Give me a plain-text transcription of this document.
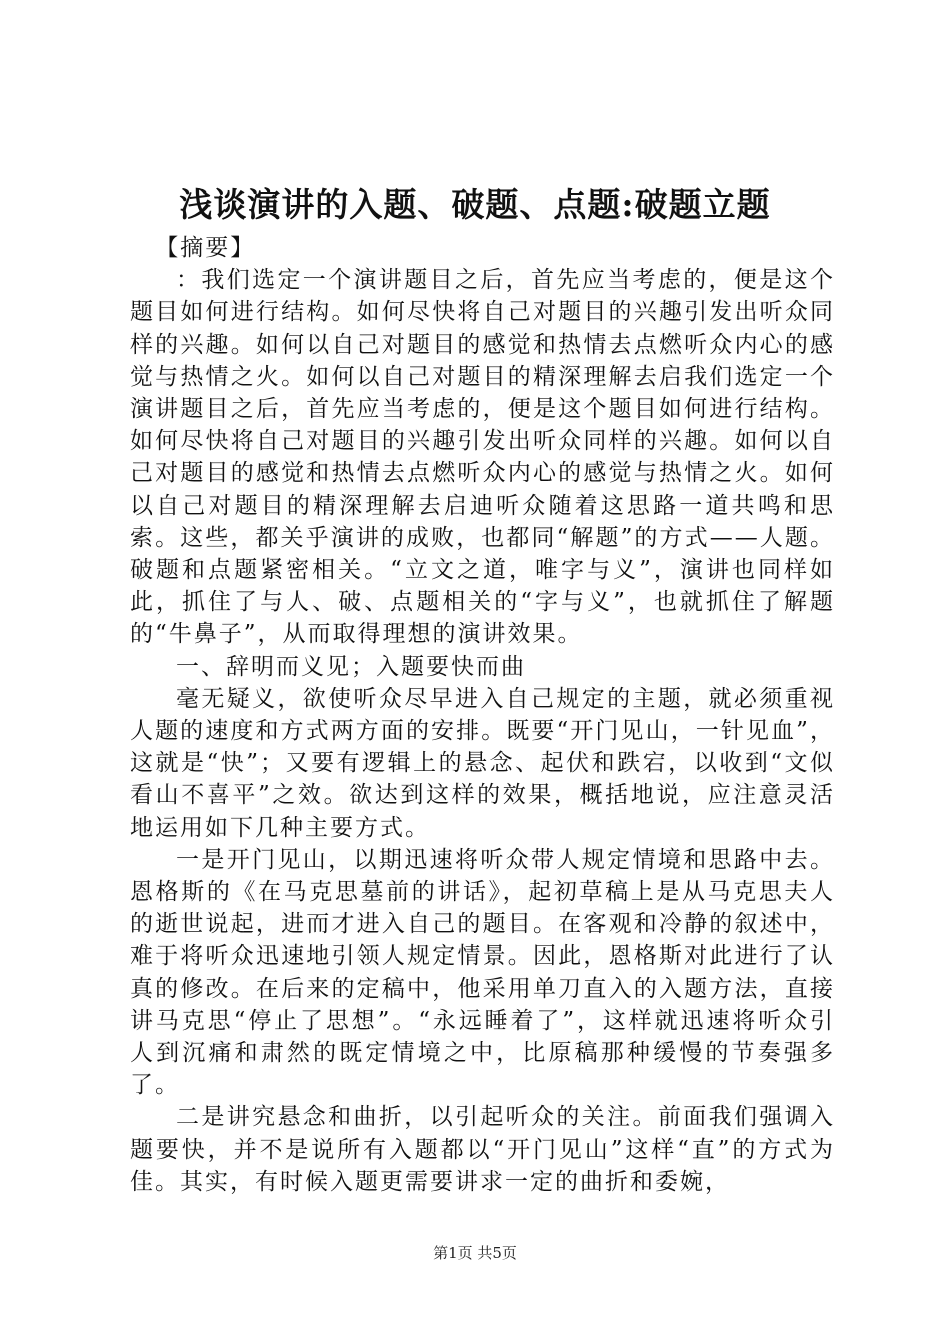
浅谈演讲的入题、破题、点题:破题立题

【摘要】

：我们选定一个演讲题目之后，首先应当考虑的，便是这个题目如何进行结构。如何尽快将自己对题目的兴趣引发出听众同样的兴趣。如何以自己对题目的感觉和热情去点燃听众内心的感觉与热情之火。如何以自己对题目的精深理解去启我们选定一个演讲题目之后，首先应当考虑的，便是这个题目如何进行结构。如何尽快将自己对题目的兴趣引发出听众同样的兴趣。如何以自己对题目的感觉和热情去点燃听众内心的感觉与热情之火。如何以自己对题目的精深理解去启迪听众随着这思路一道共鸣和思索。这些，都关乎演讲的成败，也都同“解题”的方式——人题。破题和点题紧密相关。“立文之道，唯字与义”，演讲也同样如此，抓住了与人、破、点题相关的“字与义”，也就抓住了解题的“牛鼻子”，从而取得理想的演讲效果。

一、辞明而义见；入题要快而曲

毫无疑义，欲使听众尽早进入自己规定的主题，就必须重视人题的速度和方式两方面的安排。既要“开门见山，一针见血”，这就是“快”；又要有逻辑上的悬念、起伏和跌宕，以收到“文似看山不喜平”之效。欲达到这样的效果，概括地说，应注意灵活地运用如下几种主要方式。

一是开门见山，以期迅速将听众带人规定情境和思路中去。恩格斯的《在马克思墓前的讲话》，起初草稿上是从马克思夫人的逝世说起，进而才进入自己的题目。在客观和冷静的叙述中，难于将听众迅速地引领人规定情景。因此，恩格斯对此进行了认真的修改。在后来的定稿中，他采用单刀直入的入题方法，直接讲马克思“停止了思想”。“永远睡着了”，这样就迅速将听众引人到沉痛和肃然的既定情境之中，比原稿那种缓慢的节奏强多了。

二是讲究悬念和曲折，以引起听众的关注。前面我们强调入题要快，并不是说所有入题都以“开门见山”这样“直”的方式为佳。其实，有时候入题更需要讲求一定的曲折和委婉，

第1页 共5页
